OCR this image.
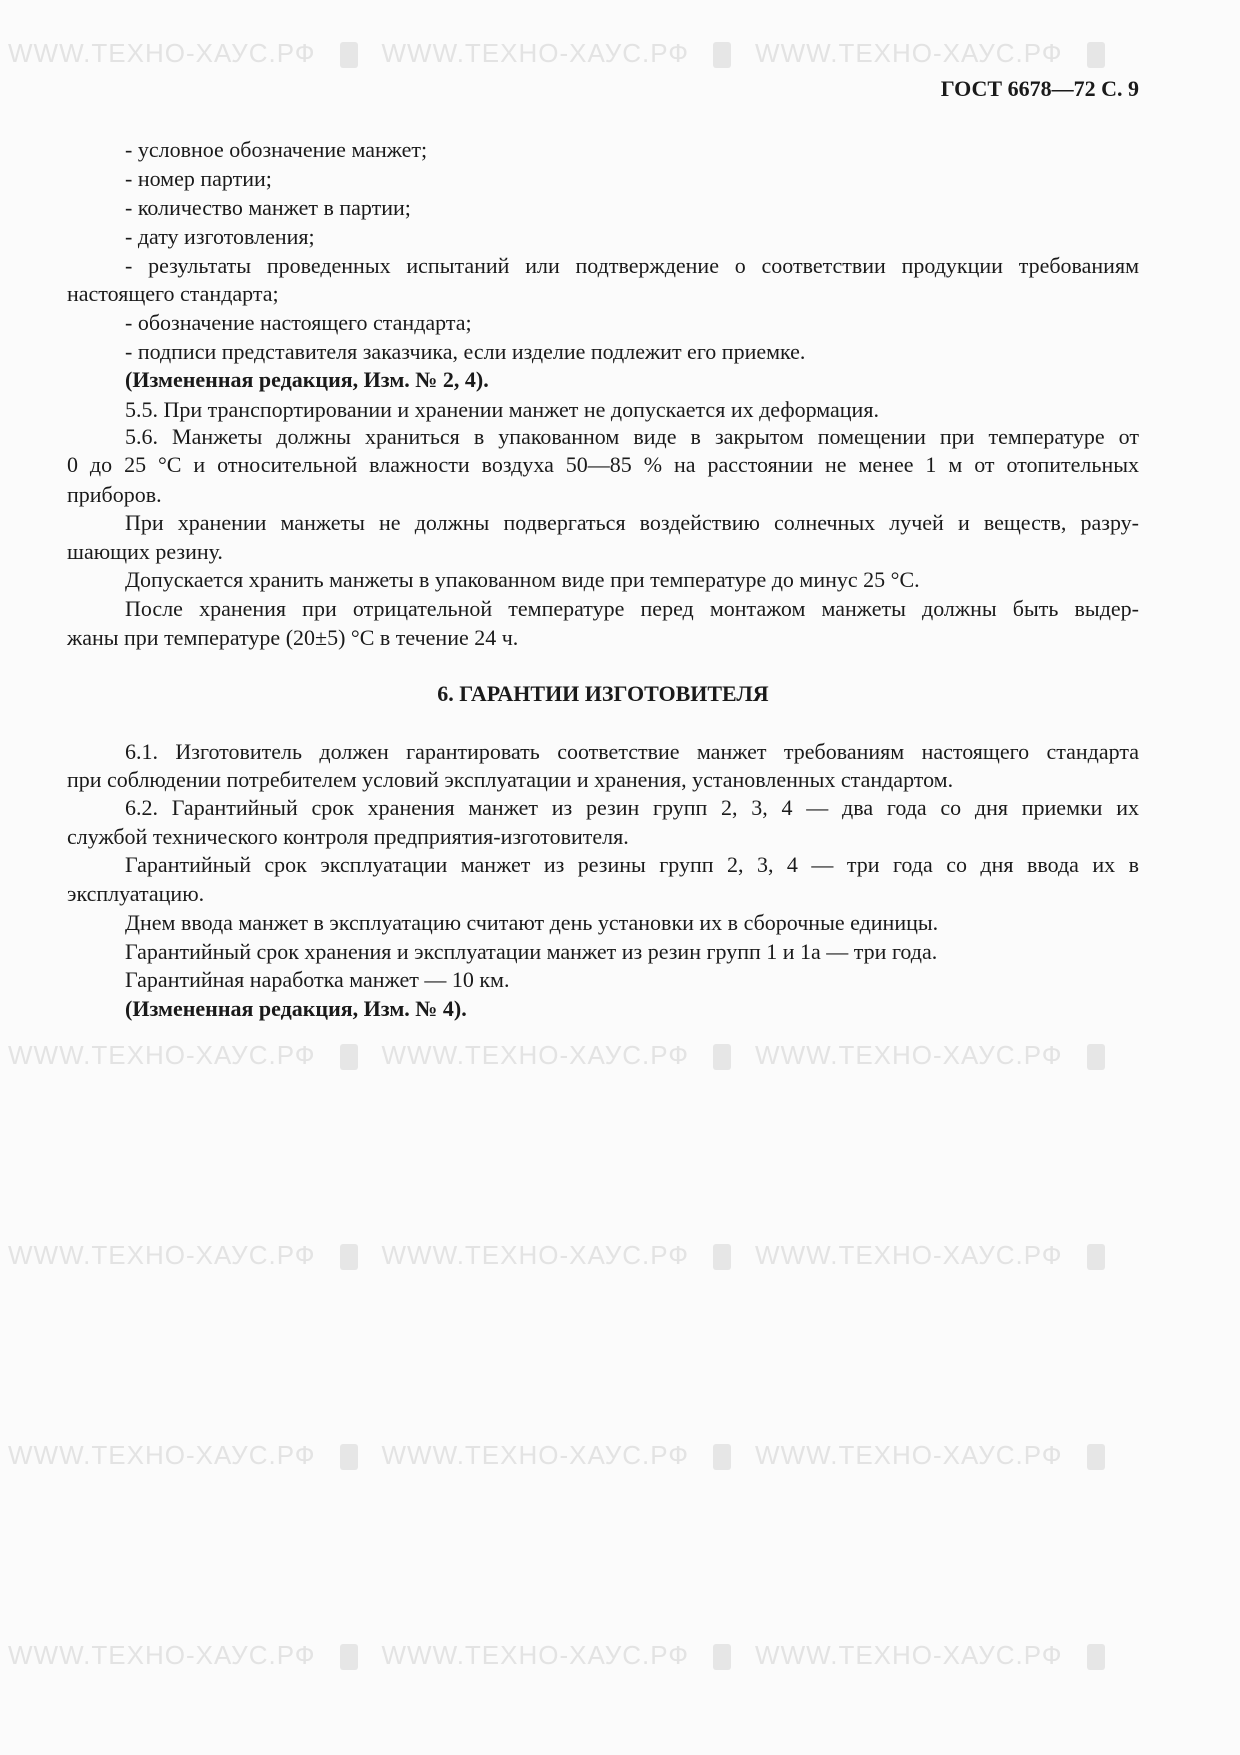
WWW.ТЕХНО-ХАУС.РФ	WWW.ТЕХНО-ХАУС.РФ	WWW.ТЕХНО-ХАУС.РФ
WWW.ТЕХНО-ХАУС.РФ	WWW.ТЕХНО-ХАУС.РФ	WWW.ТЕХНО-ХАУС.РФ
WWW.ТЕХНО-ХАУС.РФ	WWW.ТЕХНО-ХАУС.РФ	WWW.ТЕХНО-ХАУС.РФ
WWW.ТЕХНО-ХАУС.РФ	WWW.ТЕХНО-ХАУС.РФ	WWW.ТЕХНО-ХАУС.РФ
WWW.ТЕХНО-ХАУС.РФ	WWW.ТЕХНО-ХАУС.РФ	WWW.ТЕХНО-ХАУС.РФ
ГОСТ 6678—72 С. 9
- условное обозначение манжет;
- номер партии;
- количество манжет в партии;
- дату изготовления;
- результаты проведенных испытаний или подтверждение о соответствии продукции требованиям
настоящего стандарта;
- обозначение настоящего стандарта;
- подписи представителя заказчика, если изделие подлежит его приемке.
(Измененная редакция, Изм. № 2, 4).
5.5. При транспортировании и хранении манжет не допускается их деформация.
5.6. Манжеты должны храниться в упакованном виде в закрытом помещении при температуре от
0 до 25 °С и относительной влажности воздуха 50—85 % на расстоянии не менее 1 м от отопительных
приборов.
При хранении манжеты не должны подвергаться воздействию солнечных лучей и веществ, разру-
шающих резину.
Допускается хранить манжеты в упакованном виде при температуре до минус 25 °С.
После хранения при отрицательной температуре перед монтажом манжеты должны быть выдер-
жаны при температуре (20±5) °С в течение 24 ч.
6. ГАРАНТИИ ИЗГОТОВИТЕЛЯ
6.1. Изготовитель должен гарантировать соответствие манжет требованиям настоящего стандарта
при соблюдении потребителем условий эксплуатации и хранения, установленных стандартом.
6.2. Гарантийный срок хранения манжет из резин групп 2, 3, 4 — два года со дня приемки их
службой технического контроля предприятия-изготовителя.
Гарантийный срок эксплуатации манжет из резины групп 2, 3, 4 — три года со дня ввода их в
эксплуатацию.
Днем ввода манжет в эксплуатацию считают день установки их в сборочные единицы.
Гарантийный срок хранения и эксплуатации манжет из резин групп 1 и 1а — три года.
Гарантийная наработка манжет — 10 км.
(Измененная редакция, Изм. № 4).
